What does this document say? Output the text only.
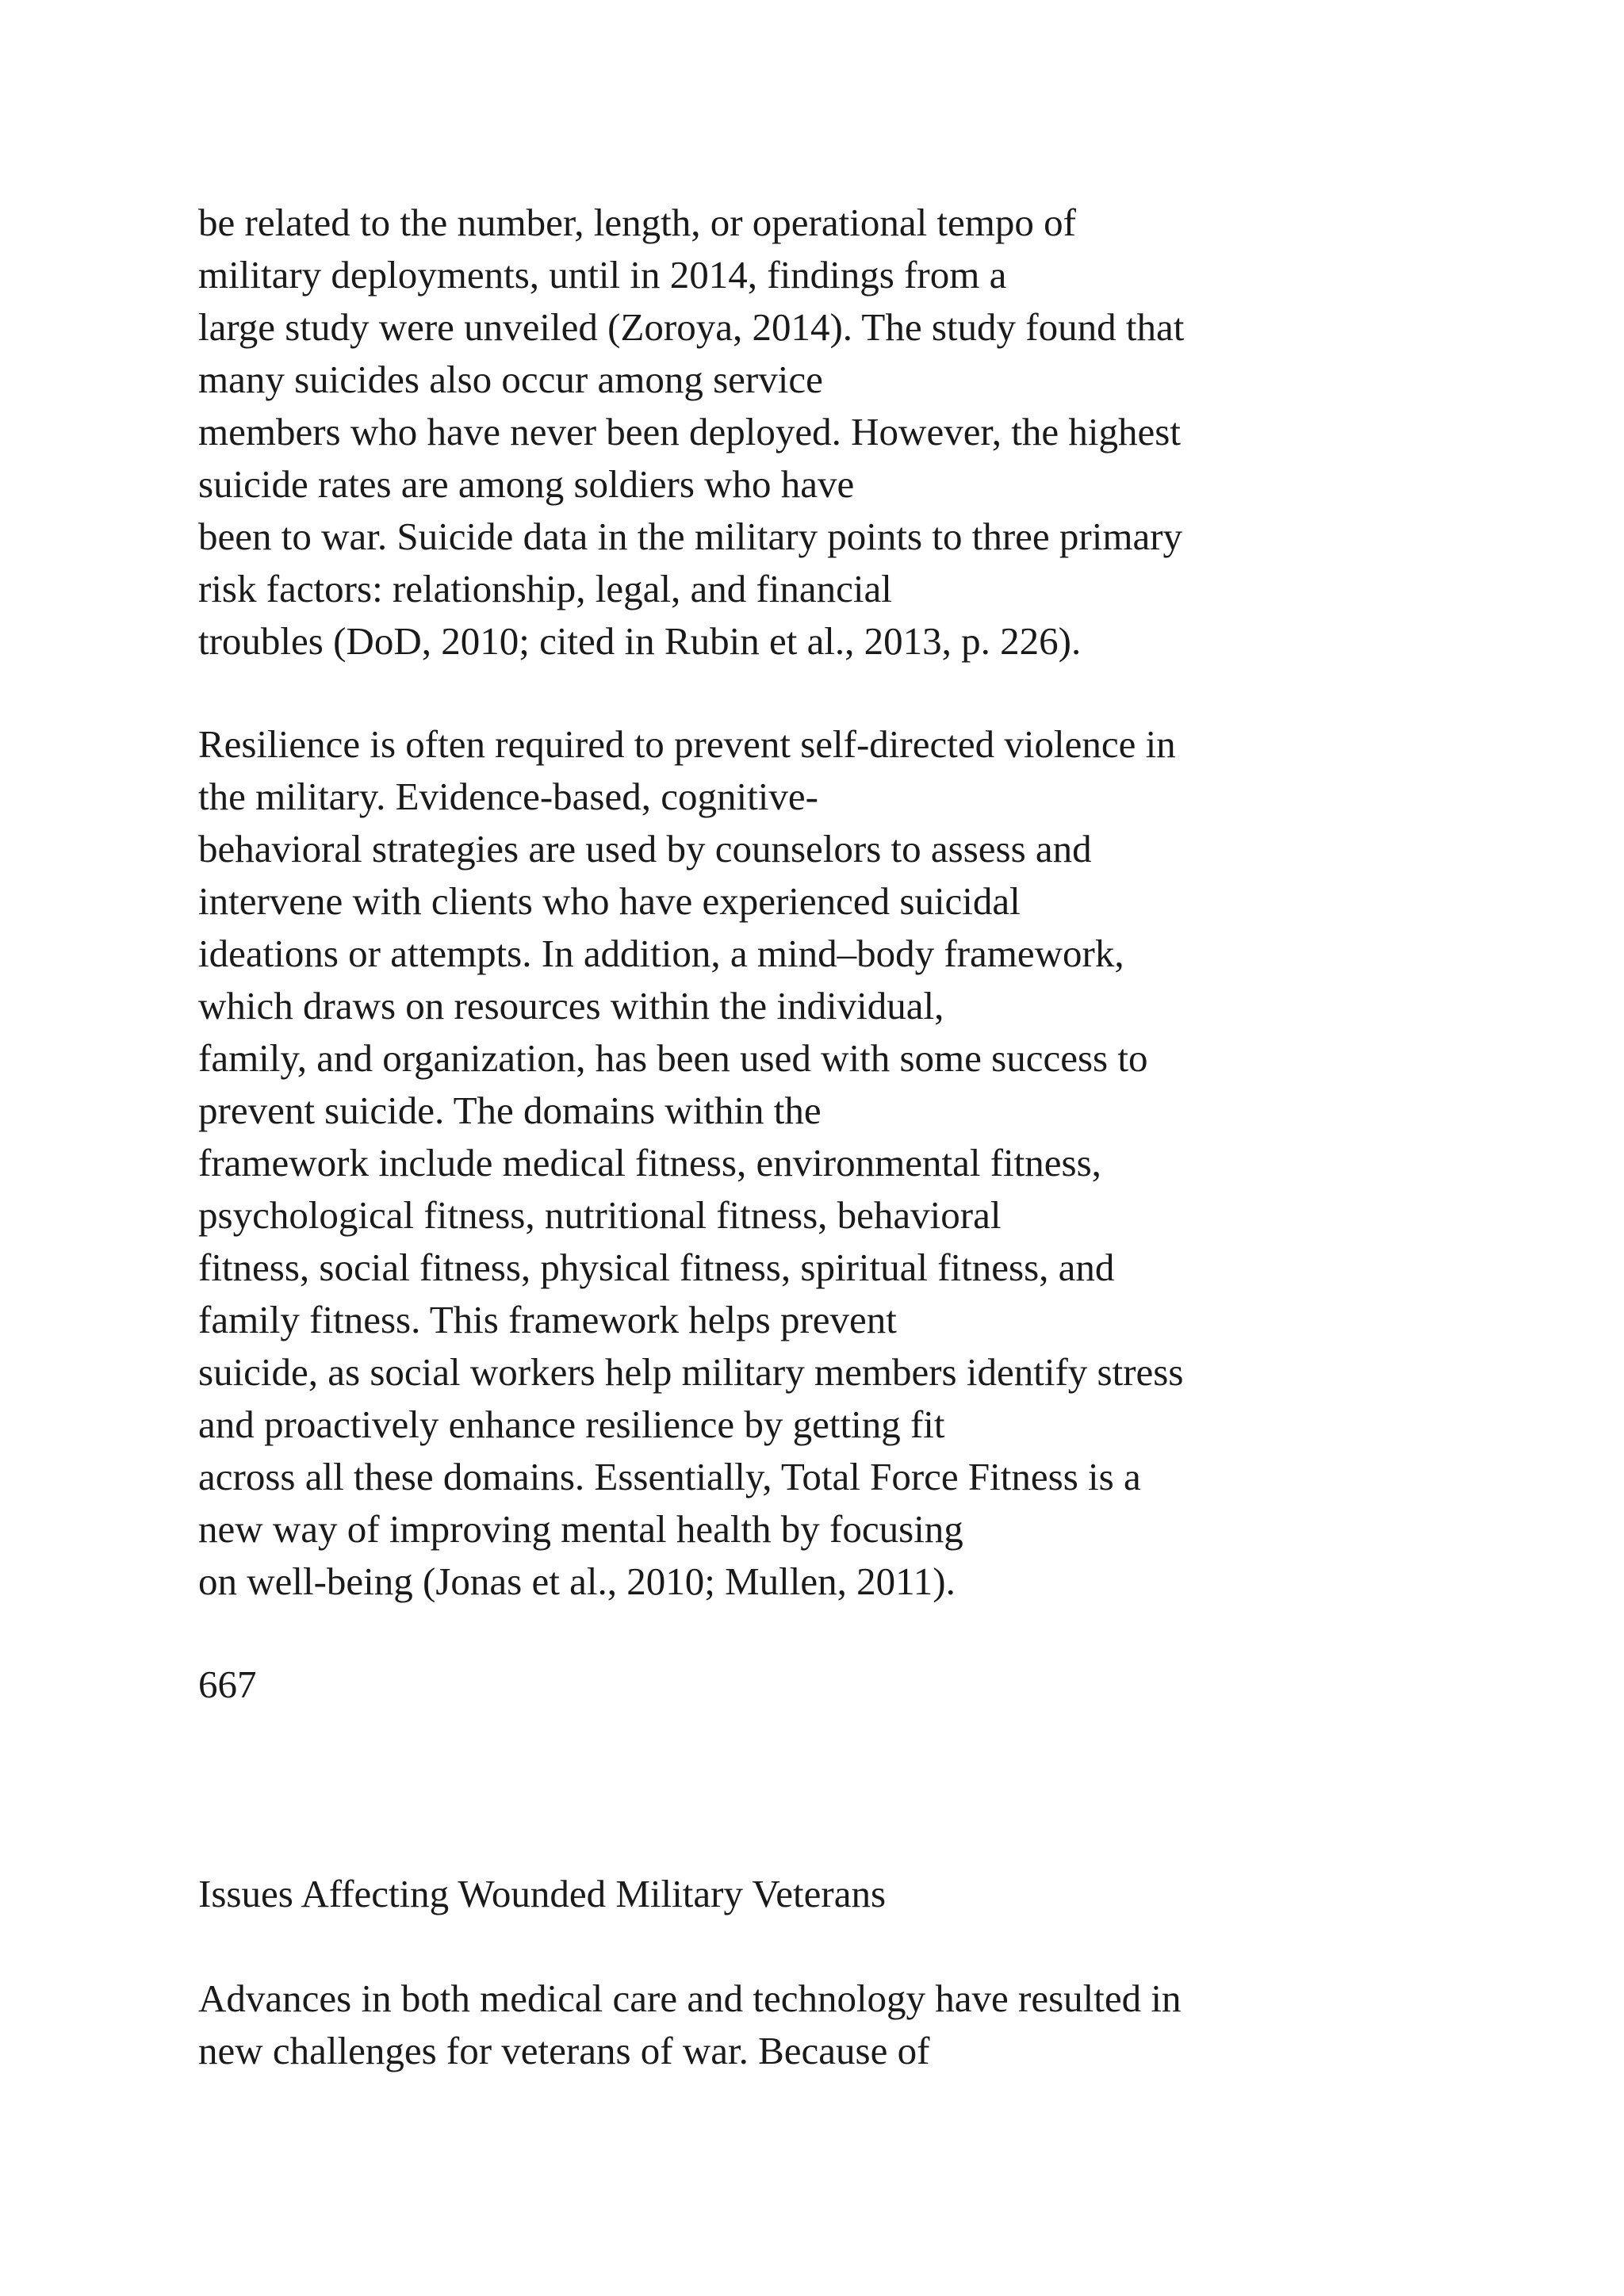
be related to the number, length, or operational tempo of
military deployments, until in 2014, findings from a
large study were unveiled (Zoroya, 2014). The study found that
many suicides also occur among service
members who have never been deployed. However, the highest
suicide rates are among soldiers who have
been to war. Suicide data in the military points to three primary
risk factors: relationship, legal, and financial
troubles (DoD, 2010; cited in Rubin et al., 2013, p. 226).

Resilience is often required to prevent self-directed violence in
the military. Evidence-based, cognitive-
behavioral strategies are used by counselors to assess and
intervene with clients who have experienced suicidal
ideations or attempts. In addition, a mind–body framework,
which draws on resources within the individual,
family, and organization, has been used with some success to
prevent suicide. The domains within the
framework include medical fitness, environmental fitness,
psychological fitness, nutritional fitness, behavioral
fitness, social fitness, physical fitness, spiritual fitness, and
family fitness. This framework helps prevent
suicide, as social workers help military members identify stress
and proactively enhance resilience by getting fit
across all these domains. Essentially, Total Force Fitness is a
new way of improving mental health by focusing
on well-being (Jonas et al., 2010; Mullen, 2011).

667

Issues Affecting Wounded Military Veterans

Advances in both medical care and technology have resulted in
new challenges for veterans of war. Because of
